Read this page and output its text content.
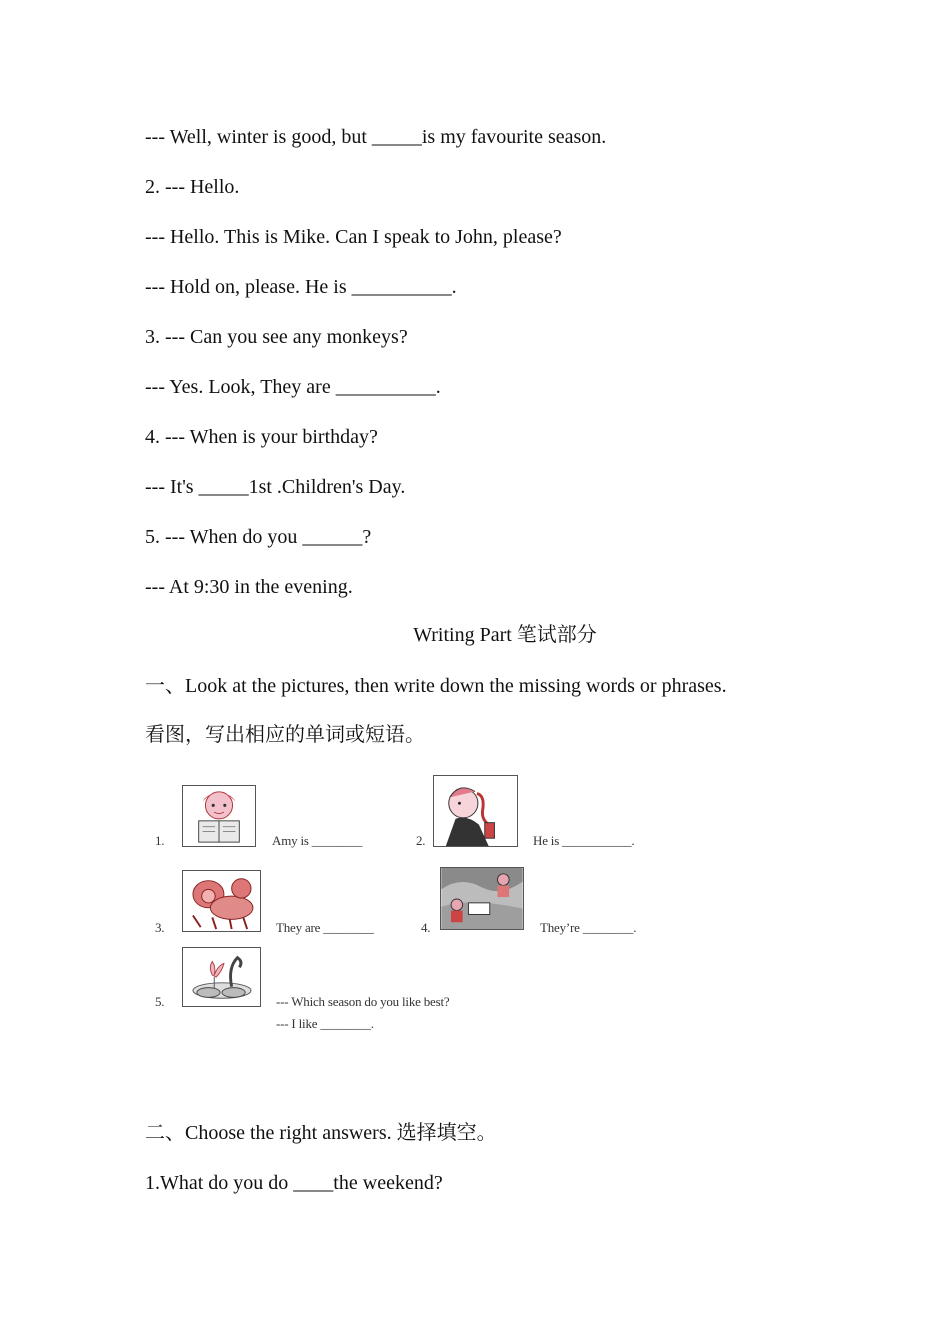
--- Well, winter is good, but _____is my favourite season.
2. --- Hello.
--- Hello. This is Mike. Can I speak to John, please?
--- Hold on, please. He is __________.
3. --- Can you see any monkeys?
--- Yes. Look, They are __________.
4. --- When is your birthday?
--- It's _____1st .Children's Day.
5. --- When do you ______?
--- At 9:30 in the evening.
Writing Part 笔试部分
一、Look at the pictures, then write down the missing words or phrases.
看图，写出相应的单词或短语。
1.	Amy is ________	2.	He is ___________.
3.	They are ________	4.	They’re ________.
5.	--- Which season do you like best?
--- I like ________.
二、Choose the right answers. 选择填空。
1.What do you do ____the weekend?
